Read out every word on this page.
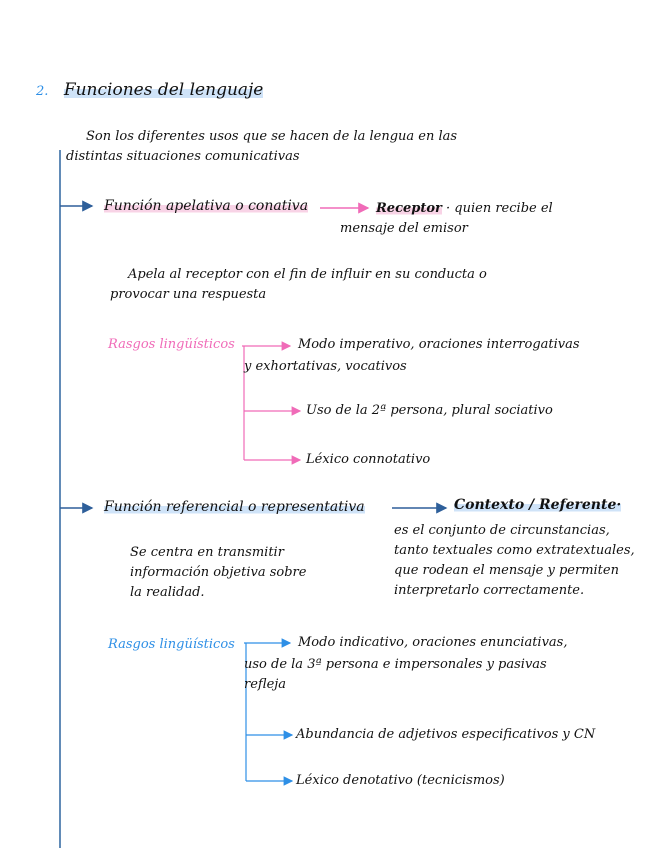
2. Funciones del lenguaje
Son los diferentes usos que se hacen de la lengua en las
distintas situaciones comunicativas
Función apelativa o conativa	Receptor · quien recibe el
mensaje del emisor
Apela al receptor con el fin de influir en su conducta o
provocar una respuesta
Rasgos lingüísticos	Modo imperativo, oraciones interrogativas
y exhortativas, vocativos
Uso de la 2ª persona, plural sociativo
Léxico connotativo
Función referencial o representativa	Contexto / Referente·
es el conjunto de circunstancias,
tanto textuales como extratextuales,
que rodean el mensaje y permiten
interpretarlo correctamente.
Se centra en transmitir
información objetiva sobre
la realidad.
Rasgos lingüísticos	Modo indicativo, oraciones enunciativas,
uso de la 3ª persona e impersonales y pasivas
refleja
Abundancia de adjetivos especificativos y CN
Léxico denotativo (tecnicismos)
